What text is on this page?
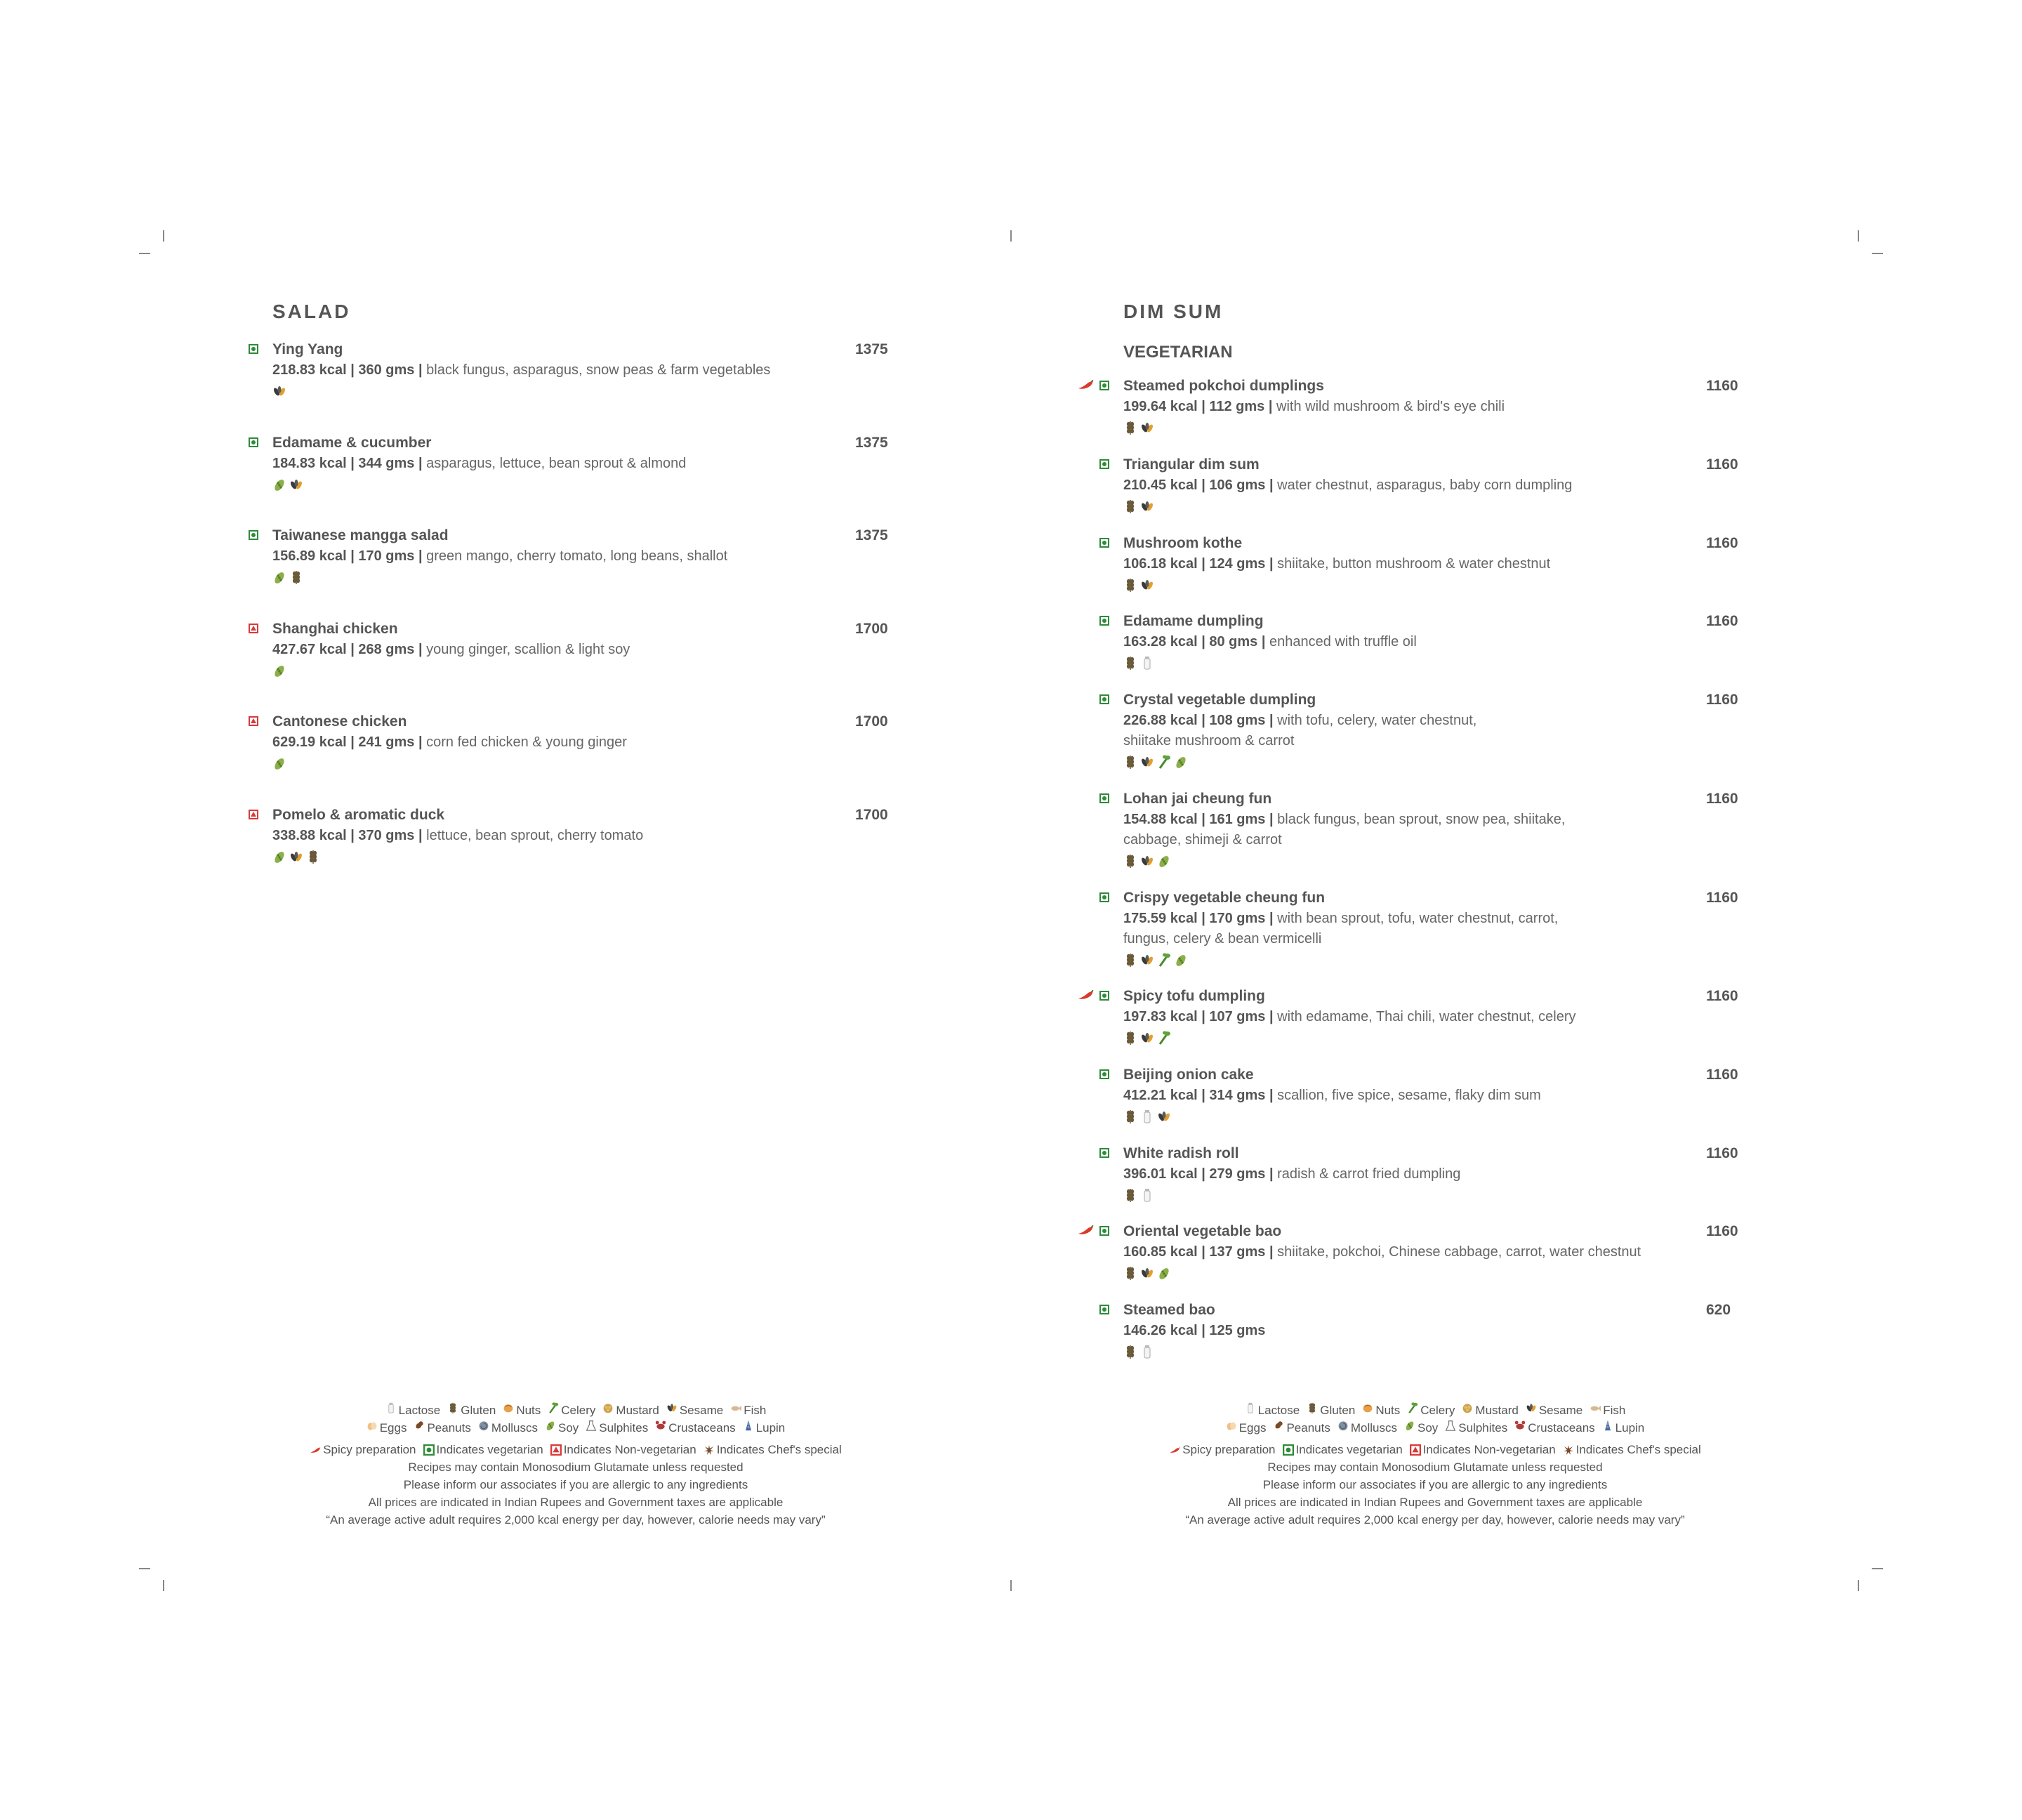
SALAD
Ying Yang	1375
218.83 kcal | 360 gms | black fungus, asparagus, snow peas & farm vegetables
Edamame & cucumber	1375
184.83 kcal | 344 gms | asparagus, lettuce, bean sprout & almond
Taiwanese mangga salad	1375
156.89 kcal | 170 gms | green mango, cherry tomato, long beans, shallot
Shanghai chicken	1700
427.67 kcal | 268 gms | young ginger, scallion & light soy
Cantonese chicken	1700
629.19 kcal | 241 gms | corn fed chicken & young ginger
Pomelo & aromatic duck	1700
338.88 kcal | 370 gms | lettuce, bean sprout, cherry tomato
DIM SUM
VEGETARIAN
Steamed pokchoi dumplings	1160
199.64 kcal | 112 gms | with wild mushroom & bird's eye chili
Triangular dim sum	1160
210.45 kcal | 106 gms | water chestnut, asparagus, baby corn dumpling
Mushroom kothe	1160
106.18 kcal | 124 gms | shiitake, button mushroom & water chestnut
Edamame dumpling	1160
163.28 kcal | 80 gms | enhanced with truffle oil
Crystal vegetable dumpling	1160
226.88 kcal | 108 gms | with tofu, celery, water chestnut,
shiitake mushroom & carrot
Lohan jai cheung fun	1160
154.88 kcal | 161 gms | black fungus, bean sprout, snow pea, shiitake,
cabbage, shimeji & carrot
Crispy vegetable cheung fun	1160
175.59 kcal | 170 gms | with bean sprout, tofu, water chestnut, carrot,
fungus, celery & bean vermicelli
Spicy tofu dumpling	1160
197.83 kcal | 107 gms | with edamame, Thai chili, water chestnut, celery
Beijing onion cake	1160
412.21 kcal | 314 gms | scallion, five spice, sesame, flaky dim sum
White radish roll	1160
396.01 kcal | 279 gms | radish & carrot fried dumpling
Oriental vegetable bao	1160
160.85 kcal | 137 gms | shiitake, pokchoi, Chinese cabbage, carrot, water chestnut
Steamed bao	620
146.26 kcal | 125 gms
Lactose Gluten Nuts Celery Mustard Sesame Fish
Eggs Peanuts Molluscs Soy Sulphites Crustaceans Lupin
Spicy preparation Indicates vegetarian Indicates Non-vegetarian Indicates Chef's special
Recipes may contain Monosodium Glutamate unless requested
Please inform our associates if you are allergic to any ingredients
All prices are indicated in Indian Rupees and Government taxes are applicable
“An average active adult requires 2,000 kcal energy per day, however, calorie needs may vary”
Lactose Gluten Nuts Celery Mustard Sesame Fish
Eggs Peanuts Molluscs Soy Sulphites Crustaceans Lupin
Spicy preparation Indicates vegetarian Indicates Non-vegetarian Indicates Chef's special
Recipes may contain Monosodium Glutamate unless requested
Please inform our associates if you are allergic to any ingredients
All prices are indicated in Indian Rupees and Government taxes are applicable
“An average active adult requires 2,000 kcal energy per day, however, calorie needs may vary”
